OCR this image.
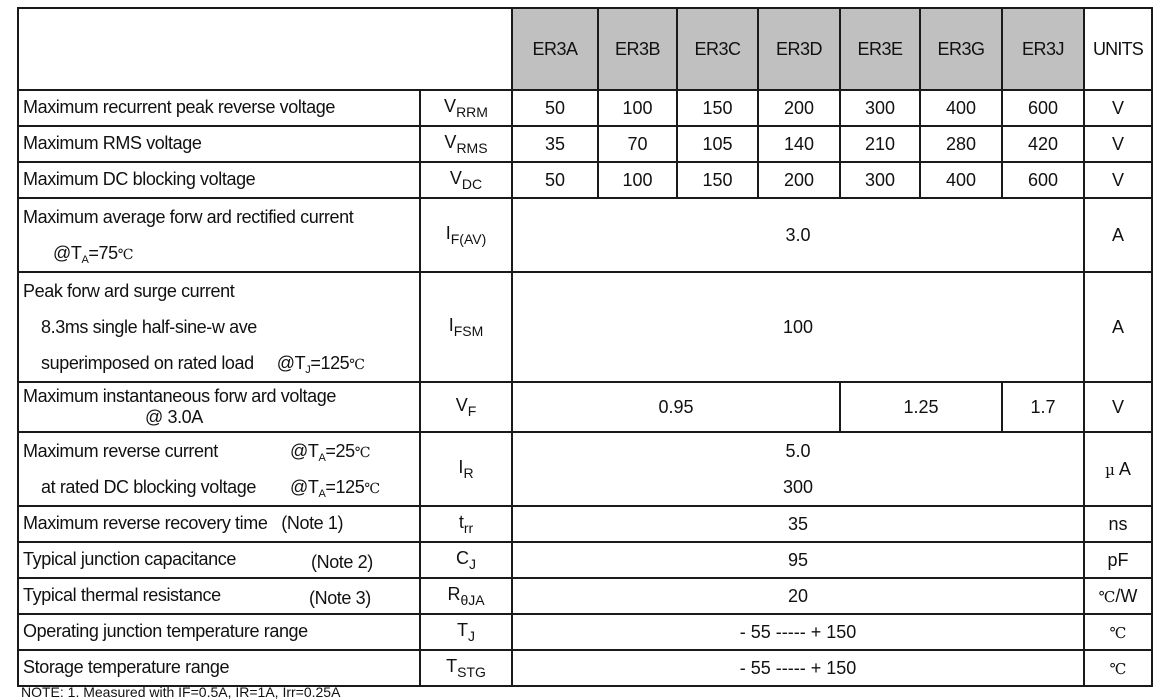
		ER3A	ER3B	ER3C	ER3D	ER3E	ER3G	ER3J	UNITS
Maximum recurrent peak reverse voltage	$V_{RRM}$	50	100	150	200	300	400	600	V
Maximum RMS voltage	$V_{RMS}$	35	70	105	140	210	280	420	V
Maximum DC blocking voltage	$V_{DC}$	50	100	150	200	300	400	600	V

Maximum average forw ard rectified current
$@T_A=75℃$	$I_{F(AV)}$	3.0							A

Peak forw ard surge current
8.3ms single half-sine-w ave
superimposed on rated load $@T_J=125℃$	$I_{FSM}$	100							A

Maximum instantaneous forw ard voltage
@ 3.0A	$V_F$	0.95				1.25		1.7	V

Maximum reverse current $@T_A=25℃$
at rated DC blocking voltage $@T_A=125℃$	$I_R$	5.0
300							µ A
Maximum reverse recovery time (Note 1)	$t_{rr}$	35							ns
Typical junction capacitance (Note 2)	$C_J$	95							pF
Typical thermal resistance (Note 3)	$R_{\theta JA}$	20							℃/W
Operating junction temperature range	$T_J$	- 55 ----- + 150							℃
Storage temperature range	$T_{STG}$	- 55 ----- + 150							℃
NOTE: 1. Measured with IF=0.5A, IR=1A, Irr=0.25A
